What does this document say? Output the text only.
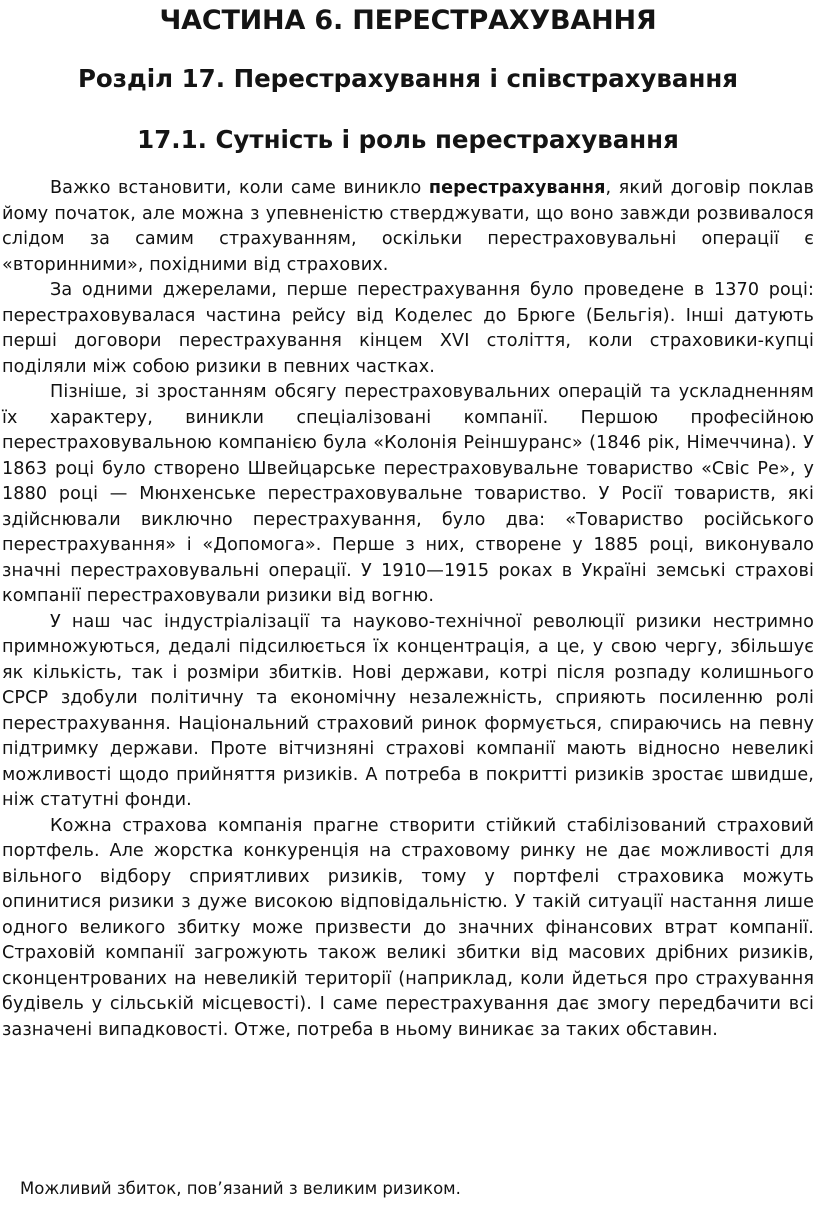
ЧАСТИНА 6. ПЕРЕСТРАХУВАННЯ
Розділ 17. Перестрахування і співстрахування
17.1. Сутність і роль перестрахування

Важко встановити, коли саме виникло перестрахування, який договір поклав йому початок, але можна з упевненістю стверджувати, що воно завжди розвивалося слідом за самим страхуванням, оскільки перестраховувальні операції є «вторинними», похідними від страхових.

За одними джерелами, перше перестрахування було проведене в 1370 році: перестраховувалася частина рейсу від Коделес до Брюге (Бельгія). Інші датують перші договори перестрахування кінцем XVI століття, коли страховики-купці поділяли між собою ризики в певних частках.

Пізніше, зі зростанням обсягу перестраховувальних операцій та ускладненням їх характеру, виникли спеціалізовані компанії. Першою професійною перестраховувальною компанією була «Колонія Реіншуранс» (1846 рік, Німеччина). У 1863 році було створено Швейцарське перестраховувальне товариство «Свіс Ре», у 1880 році — Мюнхенське перестраховувальне товариство. У Росії товариств, які здійснювали виключно перестрахування, було два: «Товариство російського перестрахування» і «Допомога». Перше з них, створене у 1885 році, виконувало значні перестраховувальні операції. У 1910—1915 роках в Україні земські страхові компанії перестраховували ризики від вогню.

У наш час індустріалізації та науково-технічної революції ризики нестримно примножуються, дедалі підсилюється їх концентрація, а це, у свою чергу, збільшує як кількість, так і розміри збитків. Нові держави, котрі після розпаду колишнього СРСР здобули політичну та економічну незалежність, сприяють посиленню ролі перестрахування. Національний страховий ринок формується, спираючись на певну підтримку держави. Проте вітчизняні страхові компанії мають відносно невеликі можливості щодо прийняття ризиків. А потреба в покритті ризиків зростає швидше, ніж статутні фонди.

Кожна страхова компанія прагне створити стійкий стабілізований страховий портфель. Але жорстка конкуренція на страховому ринку не дає можливості для вільного відбору сприятливих ризиків, тому у портфелі страховика можуть опинитися ризики з дуже високою відповідальністю. У такій ситуації настання лише одного великого збитку може призвести до значних фінансових втрат компанії. Страховій компанії загрожують також великі збитки від масових дрібних ризиків, сконцентрованих на невеликій території (наприклад, коли йдеться про страхування будівель у сільській місцевості). І саме перестрахування дає змогу передбачити всі зазначені випадковості. Отже, потреба в ньому виникає за таких обставин.

Можливий збиток, пов’язаний з великим ризиком.
